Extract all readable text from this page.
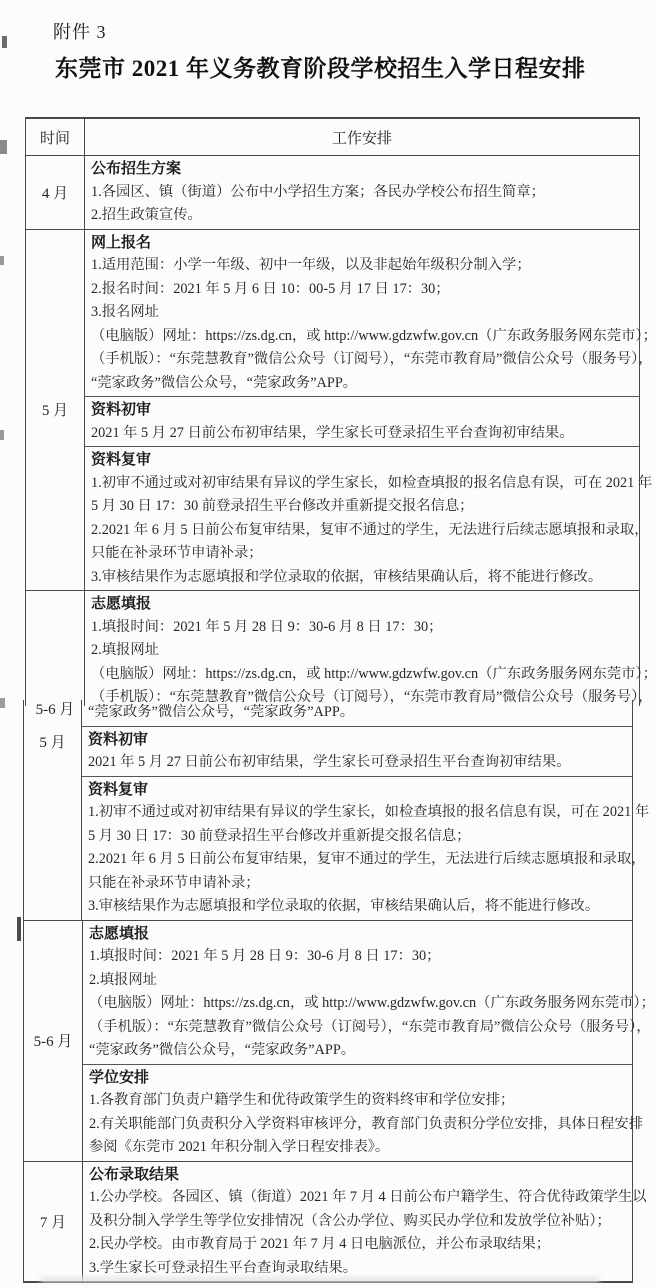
附件 3
东莞市 2021 年义务教育阶段学校招生入学日程安排
时间	工作安排
4 月
公布招生方案
1.各园区、镇（街道）公布中小学招生方案；各民办学校公布招生简章；
2.招生政策宣传。
5 月
网上报名
1.适用范围：小学一年级、初中一年级，以及非起始年级积分制入学；
2.报名时间：2021 年 5 月 6 日 10：00-5 月 17 日 17：30；
3.报名网址
（电脑版）网址：https://zs.dg.cn，或 http://www.gdzwfw.gov.cn（广东政务服务网东莞市）；
（手机版）：“东莞慧教育”微信公众号（订阅号），“东莞市教育局”微信公众号（服务号），
“莞家政务”微信公众号，“莞家政务”APP。
资料初审
2021 年 5 月 27 日前公布初审结果，学生家长可登录招生平台查询初审结果。
资料复审
1.初审不通过或对初审结果有异议的学生家长，如检查填报的报名信息有误，可在 2021 年
5 月 30 日 17：30 前登录招生平台修改并重新提交报名信息；
2.2021 年 6 月 5 日前公布复审结果，复审不通过的学生，无法进行后续志愿填报和录取，
只能在补录环节申请补录；
3.审核结果作为志愿填报和学位录取的依据，审核结果确认后，将不能进行修改。
5-6 月
志愿填报
1.填报时间：2021 年 5 月 28 日 9：30-6 月 8 日 17：30；
2.填报网址
（电脑版）网址：https://zs.dg.cn，或 http://www.gdzwfw.gov.cn（广东政务服务网东莞市）；
（手机版）：“东莞慧教育”微信公众号（订阅号），“东莞市教育局”微信公众号（服务号），
5 月
“莞家政务”微信公众号，“莞家政务”APP。
资料初审
2021 年 5 月 27 日前公布初审结果，学生家长可登录招生平台查询初审结果。
资料复审
1.初审不通过或对初审结果有异议的学生家长，如检查填报的报名信息有误，可在 2021 年
5 月 30 日 17：30 前登录招生平台修改并重新提交报名信息；
2.2021 年 6 月 5 日前公布复审结果，复审不通过的学生，无法进行后续志愿填报和录取，
只能在补录环节申请补录；
3.审核结果作为志愿填报和学位录取的依据，审核结果确认后，将不能进行修改。
5-6 月
志愿填报
1.填报时间：2021 年 5 月 28 日 9：30-6 月 8 日 17：30；
2.填报网址
（电脑版）网址：https://zs.dg.cn，或 http://www.gdzwfw.gov.cn（广东政务服务网东莞市）；
（手机版）：“东莞慧教育”微信公众号（订阅号），“东莞市教育局”微信公众号（服务号），
“莞家政务”微信公众号，“莞家政务”APP。
学位安排
1.各教育部门负责户籍学生和优待政策学生的资料终审和学位安排；
2.有关职能部门负责积分入学资料审核评分，教育部门负责积分学位安排，具体日程安排
参阅《东莞市 2021 年积分制入学日程安排表》。
7 月
公布录取结果
1.公办学校。各园区、镇（街道）2021 年 7 月 4 日前公布户籍学生、符合优待政策学生以
及积分制入学学生等学位安排情况（含公办学位、购买民办学位和发放学位补贴）；
2.民办学校。由市教育局于 2021 年 7 月 4 日电脑派位，并公布录取结果；
3.学生家长可登录招生平台查询录取结果。
